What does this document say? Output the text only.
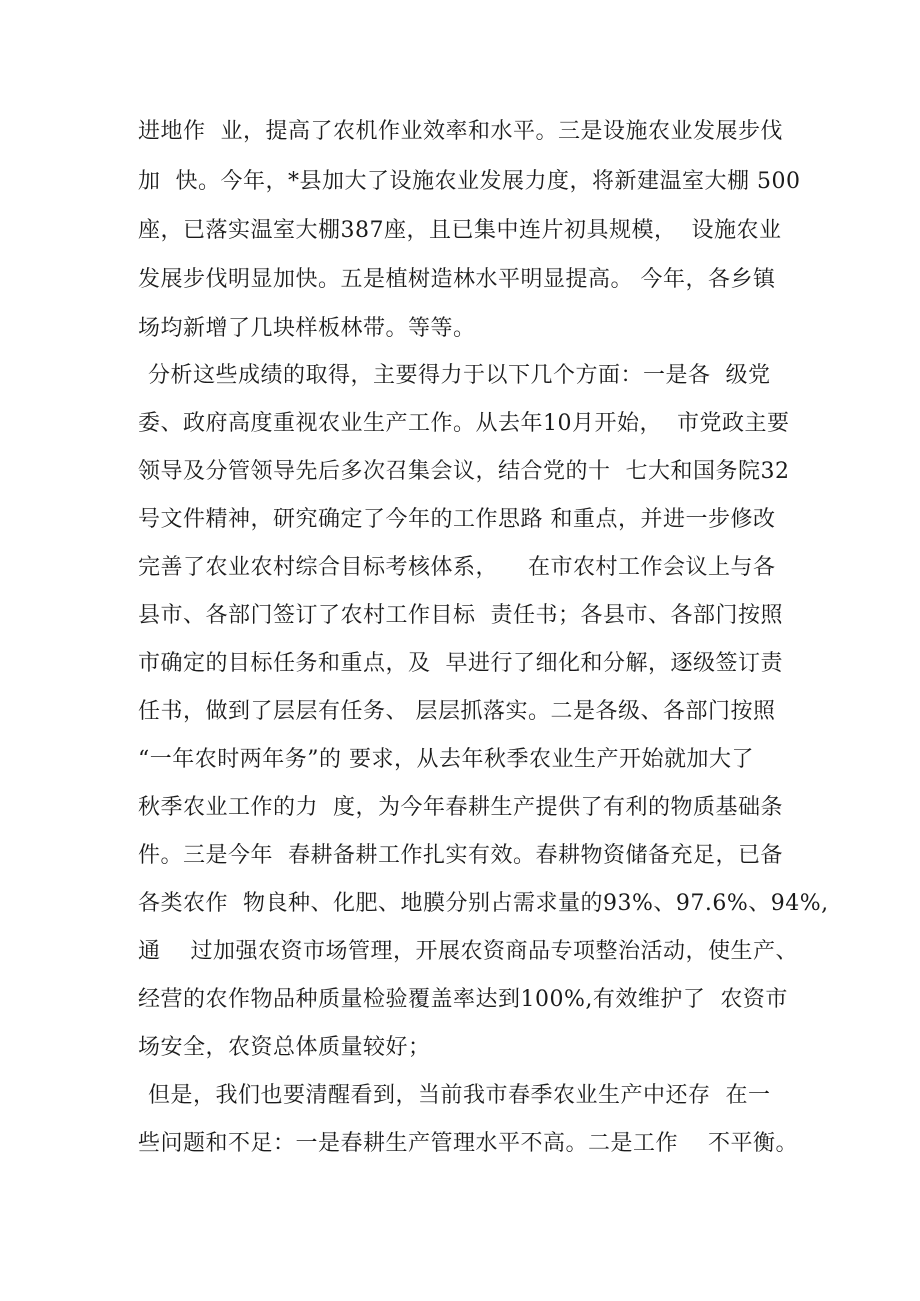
进地作  业，提高了农机作业效率和水平。三是设施农业发展步伐
加  快。今年，*县加大了设施农业发展力度，将新建温室大棚 500
座，已落实温室大棚387座，且已集中连片初具规模，  设施农业
发展步伐明显加快。五是植树造林水平明显提高。 今年，各乡镇
场均新增了几块样板林带。等等。
分析这些成绩的取得，主要得力于以下几个方面：一是各  级党
委、政府高度重视农业生产工作。从去年10月开始，  市党政主要
领导及分管领导先后多次召集会议，结合党的十  七大和国务院32
号文件精神，研究确定了今年的工作思路 和重点，并进一步修改
完善了农业农村综合目标考核体系，    在市农村工作会议上与各
县市、各部门签订了农村工作目标  责任书；各县市、各部门按照
市确定的目标任务和重点，及  早进行了细化和分解，逐级签订责
任书，做到了层层有任务、 层层抓落实。二是各级、各部门按照
“一年农时两年务”的 要求，从去年秋季农业生产开始就加大了
秋季农业工作的力  度，为今年春耕生产提供了有利的物质基础条
件。三是今年  春耕备耕工作扎实有效。春耕物资储备充足，已备
各类农作  物良种、化肥、地膜分别占需求量的93%、97.6%、94%,
通    过加强农资市场管理，开展农资商品专项整治活动，使生产、
经营的农作物品种质量检验覆盖率达到100%,有效维护了  农资市
场安全，农资总体质量较好；
但是，我们也要清醒看到，当前我市春季农业生产中还存  在一
些问题和不足：一是春耕生产管理水平不高。二是工作    不平衡。
